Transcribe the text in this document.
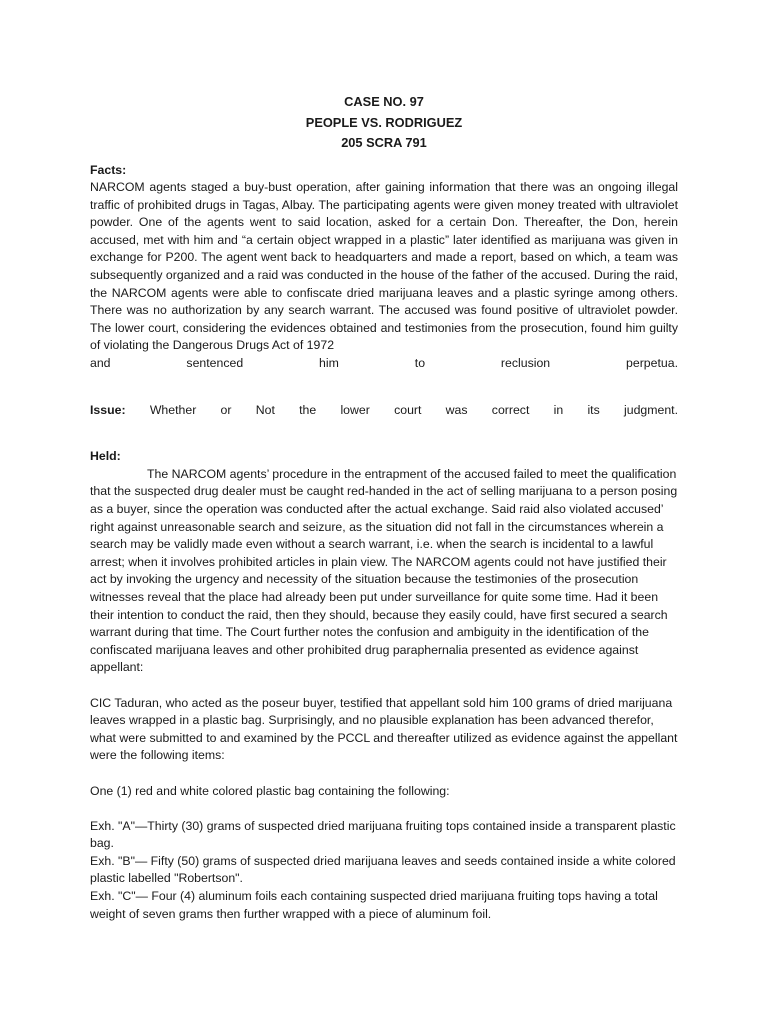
CASE NO. 97

PEOPLE VS. RODRIGUEZ

205 SCRA 791

Facts:

NARCOM agents staged a buy-bust operation, after gaining information that there was an ongoing illegal traffic of prohibited drugs in Tagas, Albay. The participating agents were given money treated with ultraviolet powder. One of the agents went to said location, asked for a certain Don. Thereafter, the Don, herein accused, met with him and “a certain object wrapped in a plastic” later identified as marijuana was given in exchange for P200. The agent went back to headquarters and made a report, based on which, a team was subsequently organized and a raid was conducted in the house of the father of the accused. During the raid, the NARCOM agents were able to confiscate dried marijuana leaves and a plastic syringe among others. There was no authorization by any search warrant. The accused was found positive of ultraviolet powder. The lower court, considering the evidences obtained and testimonies from the prosecution, found him guilty of violating the Dangerous Drugs Act of 1972

and sentenced him to reclusion perpetua.

Issue: Whether or Not the lower court was correct in its judgment.

Held:

The NARCOM agents’ procedure in the entrapment of the accused failed to meet the qualification that the suspected drug dealer must be caught red-handed in the act of selling marijuana to a person posing as a buyer, since the operation was conducted after the actual exchange. Said raid also violated accused’ right against unreasonable search and seizure, as the situation did not fall in the circumstances wherein a search may be validly made even without a search warrant, i.e. when the search is incidental to a lawful arrest; when it involves prohibited articles in plain view. The NARCOM agents could not have justified their act by invoking the urgency and necessity of the situation because the testimonies of the prosecution witnesses reveal that the place had already been put under surveillance for quite some time. Had it been their intention to conduct the raid, then they should, because they easily could, have first secured a search warrant during that time. The Court further notes the confusion and ambiguity in the identification of the confiscated marijuana leaves and other prohibited drug paraphernalia presented as evidence against appellant:

CIC Taduran, who acted as the poseur buyer, testified that appellant sold him 100 grams of dried marijuana leaves wrapped in a plastic bag. Surprisingly, and no plausible explanation has been advanced therefor, what were submitted to and examined by the PCCL and thereafter utilized as evidence against the appellant were the following items:

One (1) red and white colored plastic bag containing the following:

Exh. "A"—Thirty (30) grams of suspected dried marijuana fruiting tops contained inside a transparent plastic bag.

Exh. "B"— Fifty (50) grams of suspected dried marijuana leaves and seeds contained inside a white colored plastic labelled "Robertson".

Exh. "C"— Four (4) aluminum foils each containing suspected dried marijuana fruiting tops having a total weight of seven grams then further wrapped with a piece of aluminum foil.
